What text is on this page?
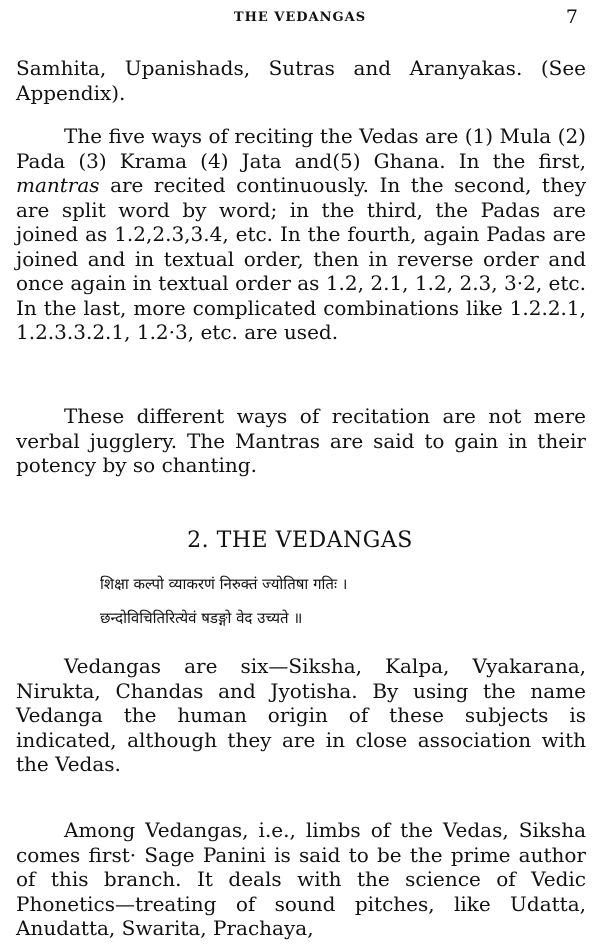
THE VEDANGAS	7

Samhita, Upanishads, Sutras and Aranyakas. (See Appendix).

The five ways of reciting the Vedas are (1) Mula (2) Pada (3) Krama (4) Jata and(5) Ghana. In the first, mantras are recited continuously. In the second, they are split word by word; in the third, the Padas are joined as 1.2,2.3,3.4, etc. In the fourth, again Padas are joined and in textual order, then in reverse order and once again in textual order as 1.2, 2.1, 1.2, 2.3, 3·2, etc. In the last, more complicated combinations like 1.2.2.1, 1.2.3.3.2.1, 1.2·3, etc. are used.

These different ways of recitation are not mere verbal jugglery. The Mantras are said to gain in their potency by so chanting.

2. THE VEDANGAS
शिक्षा कल्पो व्याकरणं निरुक्तं ज्योतिषा गतिः ।
छन्दोविचितिरित्येवं षडङ्गो वेद उच्यते ॥

Vedangas are six—Siksha, Kalpa, Vyakarana, Nirukta, Chandas and Jyotisha. By using the name Vedanga the human origin of these subjects is indicated, although they are in close association with the Vedas.

Among Vedangas, i.e., limbs of the Vedas, Siksha comes first· Sage Panini is said to be the prime author of this branch. It deals with the science of Vedic Phonetics—treating of sound pitches, like Udatta, Anudatta, Swarita, Prachaya,
